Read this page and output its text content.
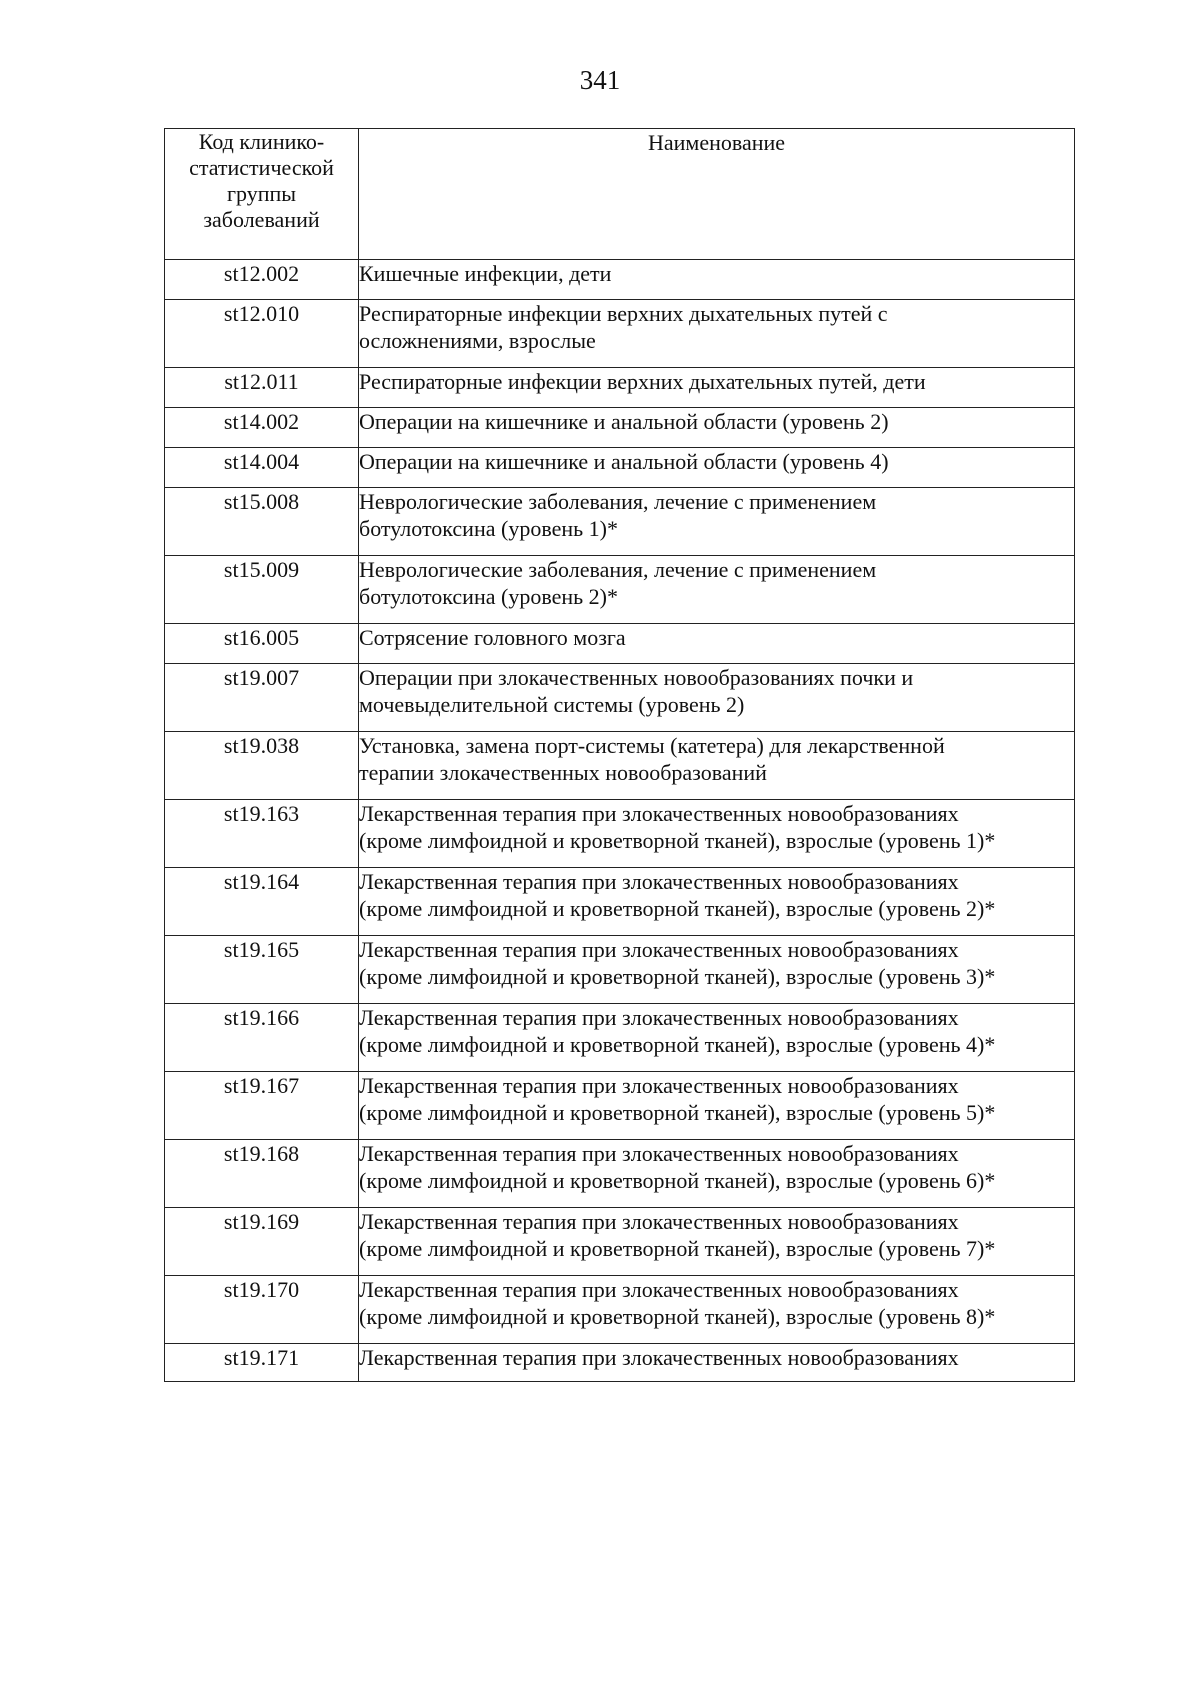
341
Код клинико-
статистической
группы
заболеваний	Наименование
st12.002	Кишечные инфекции, дети

st12.010	Респираторные инфекции верхних дыхательных путей с
осложнениями, взрослые

st12.011	Респираторные инфекции верхних дыхательных путей, дети

st14.002	Операции на кишечнике и анальной области (уровень 2)

st14.004	Операции на кишечнике и анальной области (уровень 4)

st15.008	Неврологические заболевания, лечение с применением
ботулотоксина (уровень 1)*

st15.009	Неврологические заболевания, лечение с применением
ботулотоксина (уровень 2)*

st16.005	Сотрясение головного мозга

st19.007	Операции при злокачественных новообразованиях почки и
мочевыделительной системы (уровень 2)

st19.038	Установка, замена порт-системы (катетера) для лекарственной
терапии злокачественных новообразований

st19.163	Лекарственная терапия при злокачественных новообразованиях
(кроме лимфоидной и кроветворной тканей), взрослые (уровень 1)*

st19.164	Лекарственная терапия при злокачественных новообразованиях
(кроме лимфоидной и кроветворной тканей), взрослые (уровень 2)*

st19.165	Лекарственная терапия при злокачественных новообразованиях
(кроме лимфоидной и кроветворной тканей), взрослые (уровень 3)*

st19.166	Лекарственная терапия при злокачественных новообразованиях
(кроме лимфоидной и кроветворной тканей), взрослые (уровень 4)*

st19.167	Лекарственная терапия при злокачественных новообразованиях
(кроме лимфоидной и кроветворной тканей), взрослые (уровень 5)*

st19.168	Лекарственная терапия при злокачественных новообразованиях
(кроме лимфоидной и кроветворной тканей), взрослые (уровень 6)*

st19.169	Лекарственная терапия при злокачественных новообразованиях
(кроме лимфоидной и кроветворной тканей), взрослые (уровень 7)*

st19.170	Лекарственная терапия при злокачественных новообразованиях
(кроме лимфоидной и кроветворной тканей), взрослые (уровень 8)*

st19.171	Лекарственная терапия при злокачественных новообразованиях
